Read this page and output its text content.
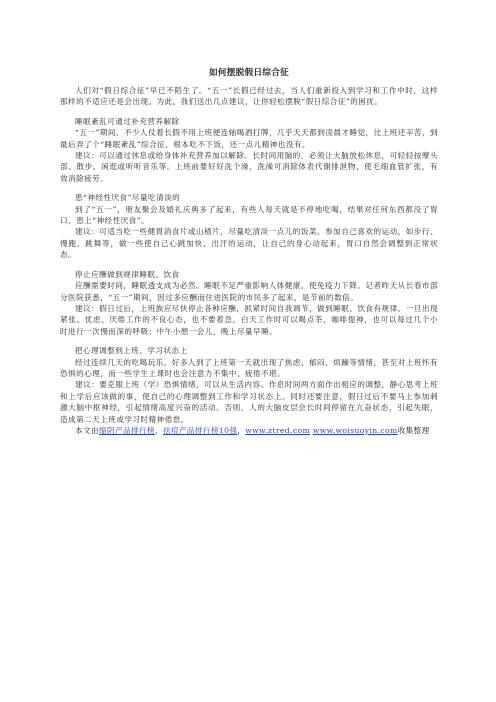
如何摆脱假日综合征

人们对“假日综合征”早已不陌生了。“五一”长假已经过去，当人们重新投入到学习和工作中时，这样那样的不适应还是会出现。为此，我们送出几点建议，让你轻松摆脱“假日综合征”的困扰。

睡眠紊乱可通过补充营养解除

“五一”期间，不少人仗着长假不用上班便连轴喝酒打牌，几乎天天都到凌晨才睡觉，比上班还辛苦，到最后弄了个“睡眠紊乱”综合征，根本吃不下饭，还一点儿精神也没有。

建议：可以通过休息或给身体补充营养加以解除。长时间用脑的，必须让大脑放松休息，可轻轻按摩头部、散步、闲逛或听听音乐等。上班前要好好洗个澡，洗澡可消除体表代谢排泄物，使毛细血管扩张，有效消除疲劳。

患“神经性厌食”尽量吃清淡的

到了“五一”，朋友聚会及婚礼庆典多了起来，有些人每天就是不停地吃喝，结果对任何东西都没了胃口，患上“神经性厌食”。

建议：可适当吃一些健胃消食片或山楂片，尽量吃清淡一点儿的饭菜。参加自己喜欢的运动，如步行、慢跑、跳舞等，做一些使自己心跳加快、出汗的运动，让自己的身心动起来，胃口自然会调整到正常状态。

停止应酬做到规律睡眠、饮食

应酬需要时间，睡眠透支成为必然。睡眠不足严重影响人体健康，使免疫力下降。记者昨天从长春市部分医院获悉，“五一”期间，因过多应酬而住进医院的市民多了起来，是节前的数倍。

建议：假日过后，上班族应尽快停止各种应酬，抓紧时间自我调节，做到睡眠、饮食有规律。一旦出现紧张、忧虑、厌倦工作的不良心态，也不要着急，白天工作时可以喝点茶，咖啡提神，也可以每过几个小时进行一次慢而深的呼吸；中午小憩一会儿，晚上尽量早睡。

把心理调整到上班、学习状态上

经过连续几天的吃喝玩乐，好多人到了上班第一天就出现了焦虑、郁闷、烦躁等情绪，甚至对上班怀有恐惧的心理，而一些学生上课时也会注意力不集中、疲倦不堪。

建议：要克服上班（学）恐惧情绪，可以从生活内容、作息时间两方面作出相应的调整，静心思考上班和上学后应该做的事，使自己的心理调整到工作和学习状态上。同时还要注意，假日过后不要马上参加刺激大脑中枢神经，引起情绪高度兴奋的活动。否则，人的大脑皮层会长时间停留在亢奋状态，引起失眠，造成第二天上班或学习时精神倦怠。

本文由缩阴产品排行榜，祛痘产品排行榜10强，www.ztred.com www.woisuoyin.com收集整理
